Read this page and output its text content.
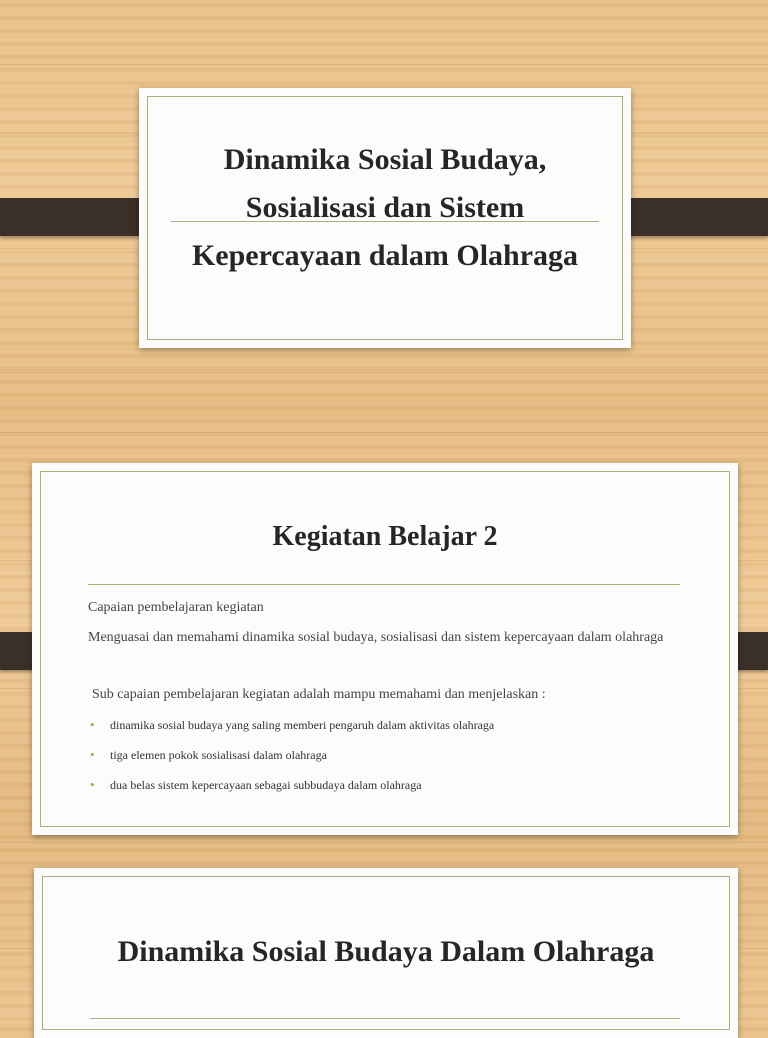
Dinamika Sosial Budaya, Sosialisasi dan Sistem Kepercayaan dalam Olahraga
Kegiatan Belajar 2
Capaian pembelajaran kegiatan
Menguasai dan memahami dinamika sosial budaya, sosialisasi dan sistem kepercayaan dalam olahraga
Sub capaian pembelajaran kegiatan adalah mampu memahami dan menjelaskan :
• dinamika sosial budaya yang saling memberi pengaruh dalam aktivitas olahraga
• tiga elemen pokok sosialisasi dalam olahraga
• dua belas sistem kepercayaan sebagai subbudaya dalam olahraga
Dinamika Sosial Budaya Dalam Olahraga
